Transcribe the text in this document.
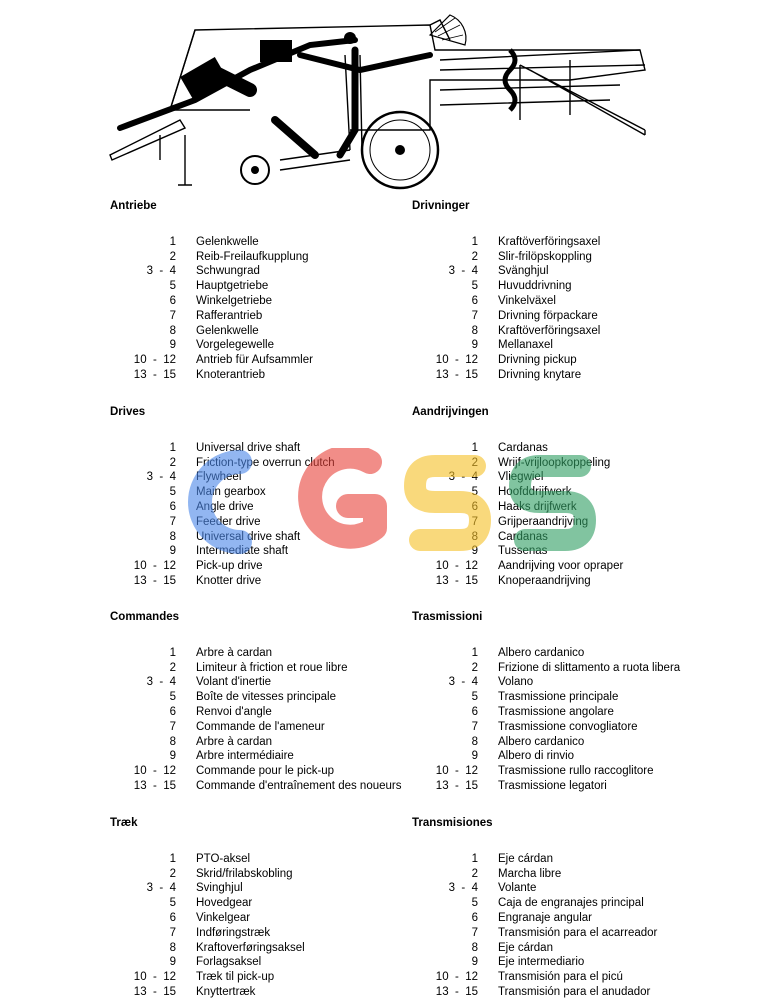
Antriebe
1 Gelenkwelle
2 Reib-Freilaufkupplung
3  -  4 Schwungrad
5 Hauptgetriebe
6 Winkelgetriebe
7 Rafferantrieb
8 Gelenkwelle
9 Vorgelegewelle
10  -  12 Antrieb für Aufsammler
13  -  15 Knoterantrieb
Drivninger
1 Kraftöverföringsaxel
2 Slir-frilöpskoppling
3  -  4 Svänghjul
5 Huvuddrivning
6 Vinkelväxel
7 Drivning förpackare
8 Kraftöverföringsaxel
9 Mellanaxel
10  -  12 Drivning pickup
13  -  15 Drivning knytare
Drives
1 Universal drive shaft
2 Friction-type overrun clutch
3  -  4 Flywheel
5 Main gearbox
6 Angle drive
7 Feeder drive
8 Universal drive shaft
9 Intermediate shaft
10  -  12 Pick-up drive
13  -  15 Knotter drive
Aandrijvingen
1 Cardanas
2 Wrijf-vrijloopkoppeling
3  -  4 Vliegwiel
5 Hoofddrijfwerk
6 Haaks drijfwerk
7 Grijperaandrijving
8 Cardanas
9 Tussenas
10  -  12 Aandrijving voor opraper
13  -  15 Knoperaandrijving
Commandes
1 Arbre à cardan
2 Limiteur à friction et roue libre
3  -  4 Volant d'inertie
5 Boîte de vitesses principale
6 Renvoi d'angle
7 Commande de l'ameneur
8 Arbre à cardan
9 Arbre intermédiaire
10  -  12 Commande pour le pick-up
13  -  15 Commande d'entraînement des noueurs
Trasmissioni
1 Albero cardanico
2 Frizione di slittamento a ruota libera
3  -  4 Volano
5 Trasmissione principale
6 Trasmissione angolare
7 Trasmissione convogliatore
8 Albero cardanico
9 Albero di rinvio
10  -  12 Trasmissione rullo raccoglitore
13  -  15 Trasmissione legatori
Træk
1 PTO-aksel
2 Skrid/frilabskobling
3  -  4 Svinghjul
5 Hovedgear
6 Vinkelgear
7 Indføringstræk
8 Kraftoverføringsaksel
9 Forlagsaksel
10  -  12 Træk til pick-up
13  -  15 Knyttertræk
Transmisiones
1 Eje cárdan
2 Marcha libre
3  -  4 Volante
5 Caja de engranajes principal
6 Engranaje angular
7 Transmisión para el acarreador
8 Eje cárdan
9 Eje intermediario
10  -  12 Transmisión para el picú
13  -  15 Transmisión para el anudador
